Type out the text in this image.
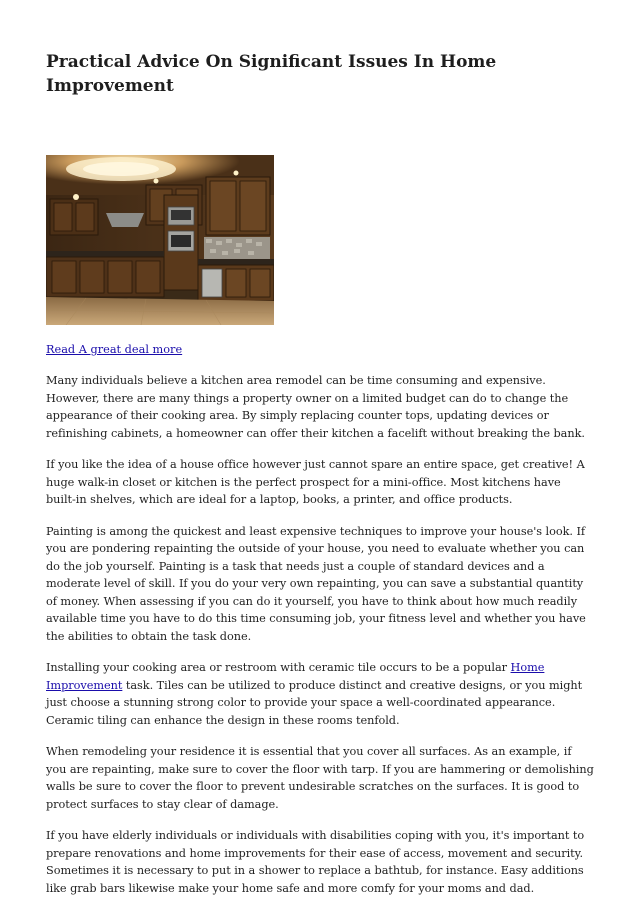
Practical Advice On Significant Issues In Home Improvement
Read A great deal more

Many individuals believe a kitchen area remodel can be time consuming and expensive. However, there are many things a property owner on a limited budget can do to change the appearance of their cooking area. By simply replacing counter tops, updating devices or refinishing cabinets, a homeowner can offer their kitchen a facelift without breaking the bank.

If you like the idea of a house office however just cannot spare an entire space, get creative! A huge walk-in closet or kitchen is the perfect prospect for a mini-office. Most kitchens have built-in shelves, which are ideal for a laptop, books, a printer, and office products.

Painting is among the quickest and least expensive techniques to improve your house's look. If you are pondering repainting the outside of your house, you need to evaluate whether you can do the job yourself. Painting is a task that needs just a couple of standard devices and a moderate level of skill. If you do your very own repainting, you can save a substantial quantity of money. When assessing if you can do it yourself, you have to think about how much readily available time you have to do this time consuming job, your fitness level and whether you have the abilities to obtain the task done.

Installing your cooking area or restroom with ceramic tile occurs to be a popular Home Improvement task. Tiles can be utilized to produce distinct and creative designs, or you might just choose a stunning strong color to provide your space a well-coordinated appearance. Ceramic tiling can enhance the design in these rooms tenfold.

When remodeling your residence it is essential that you cover all surfaces. As an example, if you are repainting, make sure to cover the floor with tarp. If you are hammering or demolishing walls be sure to cover the floor to prevent undesirable scratches on the surfaces. It is good to protect surfaces to stay clear of damage.

If you have elderly individuals or individuals with disabilities coping with you, it's important to prepare renovations and home improvements for their ease of access, movement and security. Sometimes it is necessary to put in a shower to replace a bathtub, for instance. Easy additions like grab bars likewise make your home safe and more comfy for your moms and dad.
